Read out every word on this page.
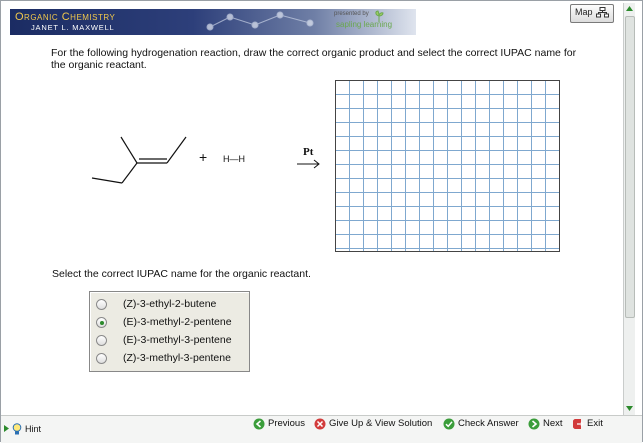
Organic Chemistry
JANET L. MAXWELL
presented by
sapling learning
Map
For the following hydrogenation reaction, draw the correct organic product and select the correct IUPAC name for the organic reactant.
+ H—H
Pt
Select the correct IUPAC name for the organic reactant.
(Z)-3-ethyl-2-butene
(E)-3-methyl-2-pentene
(E)-3-methyl-3-pentene
(Z)-3-methyl-3-pentene
Hint	Previous	Give Up & View Solution	Check Answer	Next	Exit
